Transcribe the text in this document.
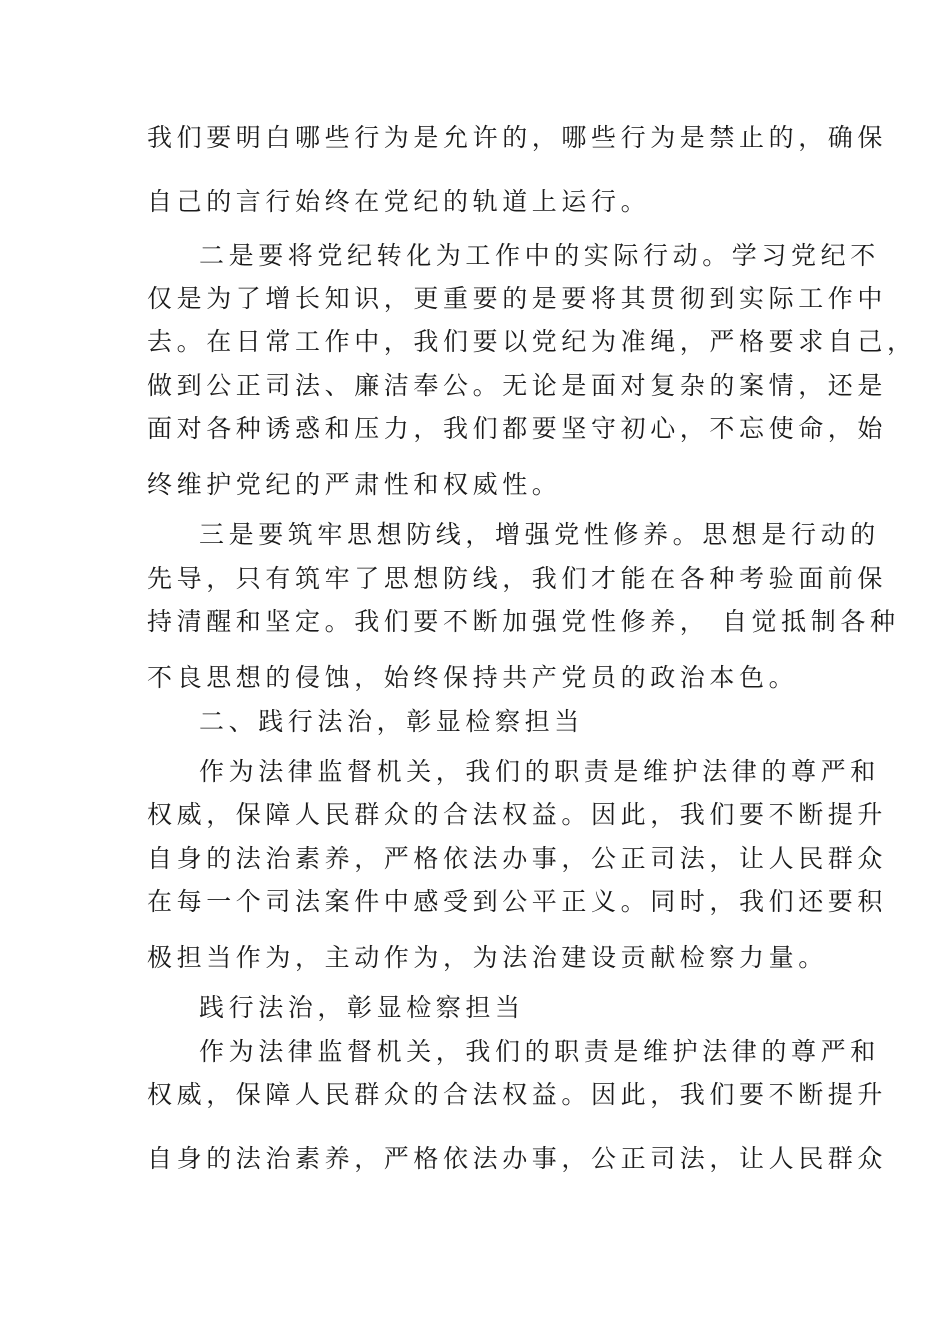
我们要明白哪些行为是允许的，哪些行为是禁止的，确保
自己的言行始终在党纪的轨道上运行。
二是要将党纪转化为工作中的实际行动。学习党纪不
仅是为了增长知识，更重要的是要将其贯彻到实际工作中
去。在日常工作中，我们要以党纪为准绳，严格要求自己，
做到公正司法、廉洁奉公。无论是面对复杂的案情，还是
面对各种诱惑和压力，我们都要坚守初心，不忘使命，始
终维护党纪的严肃性和权威性。
三是要筑牢思想防线，增强党性修养。思想是行动的
先导，只有筑牢了思想防线，我们才能在各种考验面前保
持清醒和坚定。我们要不断加强党性修养， 自觉抵制各种
不良思想的侵蚀，始终保持共产党员的政治本色。
二、践行法治，彰显检察担当
作为法律监督机关，我们的职责是维护法律的尊严和
权威，保障人民群众的合法权益。因此，我们要不断提升
自身的法治素养，严格依法办事，公正司法，让人民群众
在每一个司法案件中感受到公平正义。同时，我们还要积
极担当作为，主动作为，为法治建设贡献检察力量。
践行法治，彰显检察担当
作为法律监督机关，我们的职责是维护法律的尊严和
权威，保障人民群众的合法权益。因此，我们要不断提升
自身的法治素养，严格依法办事，公正司法，让人民群众
